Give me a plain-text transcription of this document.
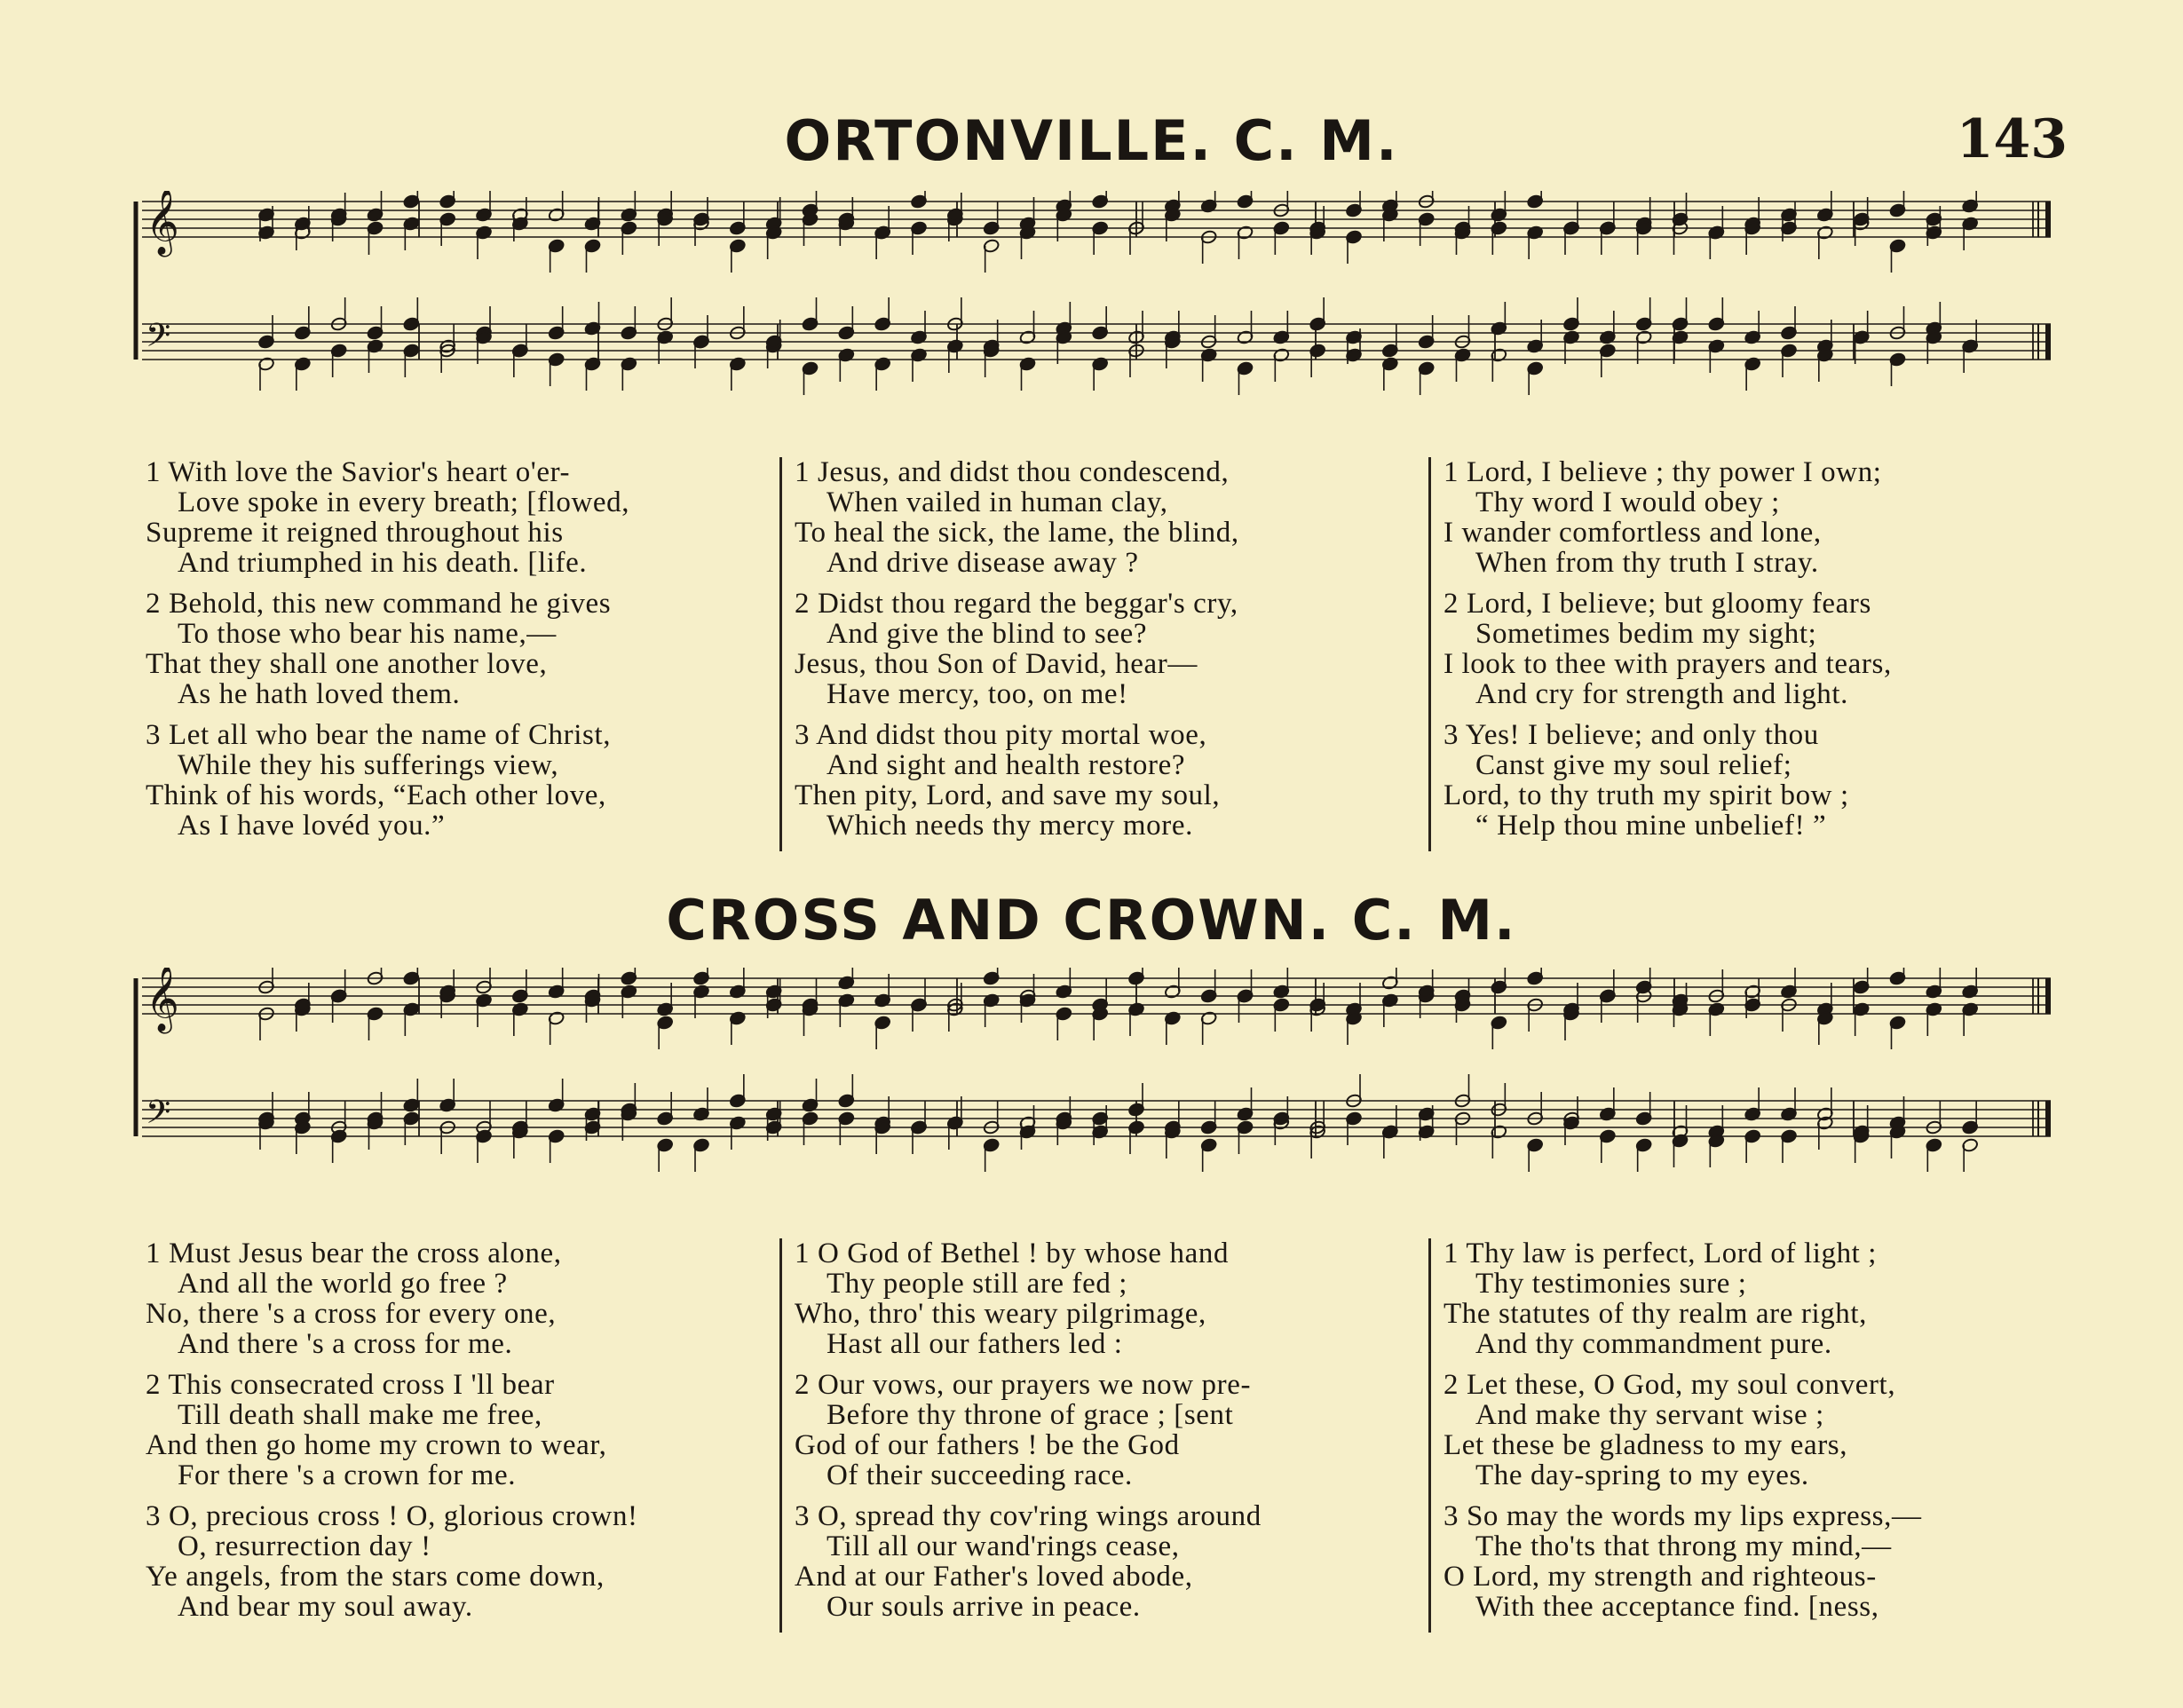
ORTONVILLE. C. M.	143
𝄞
𝄢
1 With love the Savior's heart o'er-
Love spoke in every breath; [flowed,
Supreme it reigned throughout his
And triumphed in his death. [life.
2 Behold, this new command he gives
To those who bear his name,—
That they shall one another love,
As he hath loved them.
3 Let all who bear the name of Christ,
While they his sufferings view,
Think of his words, “Each other love,
As I have lovéd you.”
1 Jesus, and didst thou condescend,
When vailed in human clay,
To heal the sick, the lame, the blind,
And drive disease away ?
2 Didst thou regard the beggar's cry,
And give the blind to see?
Jesus, thou Son of David, hear—
Have mercy, too, on me!
3 And didst thou pity mortal woe,
And sight and health restore?
Then pity, Lord, and save my soul,
Which needs thy mercy more.
1 Lord, I believe ; thy power I own;
Thy word I would obey ;
I wander comfortless and lone,
When from thy truth I stray.
2 Lord, I believe; but gloomy fears
Sometimes bedim my sight;
I look to thee with prayers and tears,
And cry for strength and light.
3 Yes! I believe; and only thou
Canst give my soul relief;
Lord, to thy truth my spirit bow ;
“ Help thou mine unbelief! ”
CROSS AND CROWN. C. M.
𝄞
𝄢
1 Must Jesus bear the cross alone,
And all the world go free ?
No, there 's a cross for every one,
And there 's a cross for me.
2 This consecrated cross I 'll bear
Till death shall make me free,
And then go home my crown to wear,
For there 's a crown for me.
3 O, precious cross ! O, glorious crown!
O, resurrection day !
Ye angels, from the stars come down,
And bear my soul away.
1 O God of Bethel ! by whose hand
Thy people still are fed ;
Who, thro' this weary pilgrimage,
Hast all our fathers led :
2 Our vows, our prayers we now pre-
Before thy throne of grace ; [sent
God of our fathers ! be the God
Of their succeeding race.
3 O, spread thy cov'ring wings around
Till all our wand'rings cease,
And at our Father's loved abode,
Our souls arrive in peace.
1 Thy law is perfect, Lord of light ;
Thy testimonies sure ;
The statutes of thy realm are right,
And thy commandment pure.
2 Let these, O God, my soul convert,
And make thy servant wise ;
Let these be gladness to my ears,
The day-spring to my eyes.
3 So may the words my lips express,—
The tho'ts that throng my mind,—
O Lord, my strength and righteous-
With thee acceptance find. [ness,
